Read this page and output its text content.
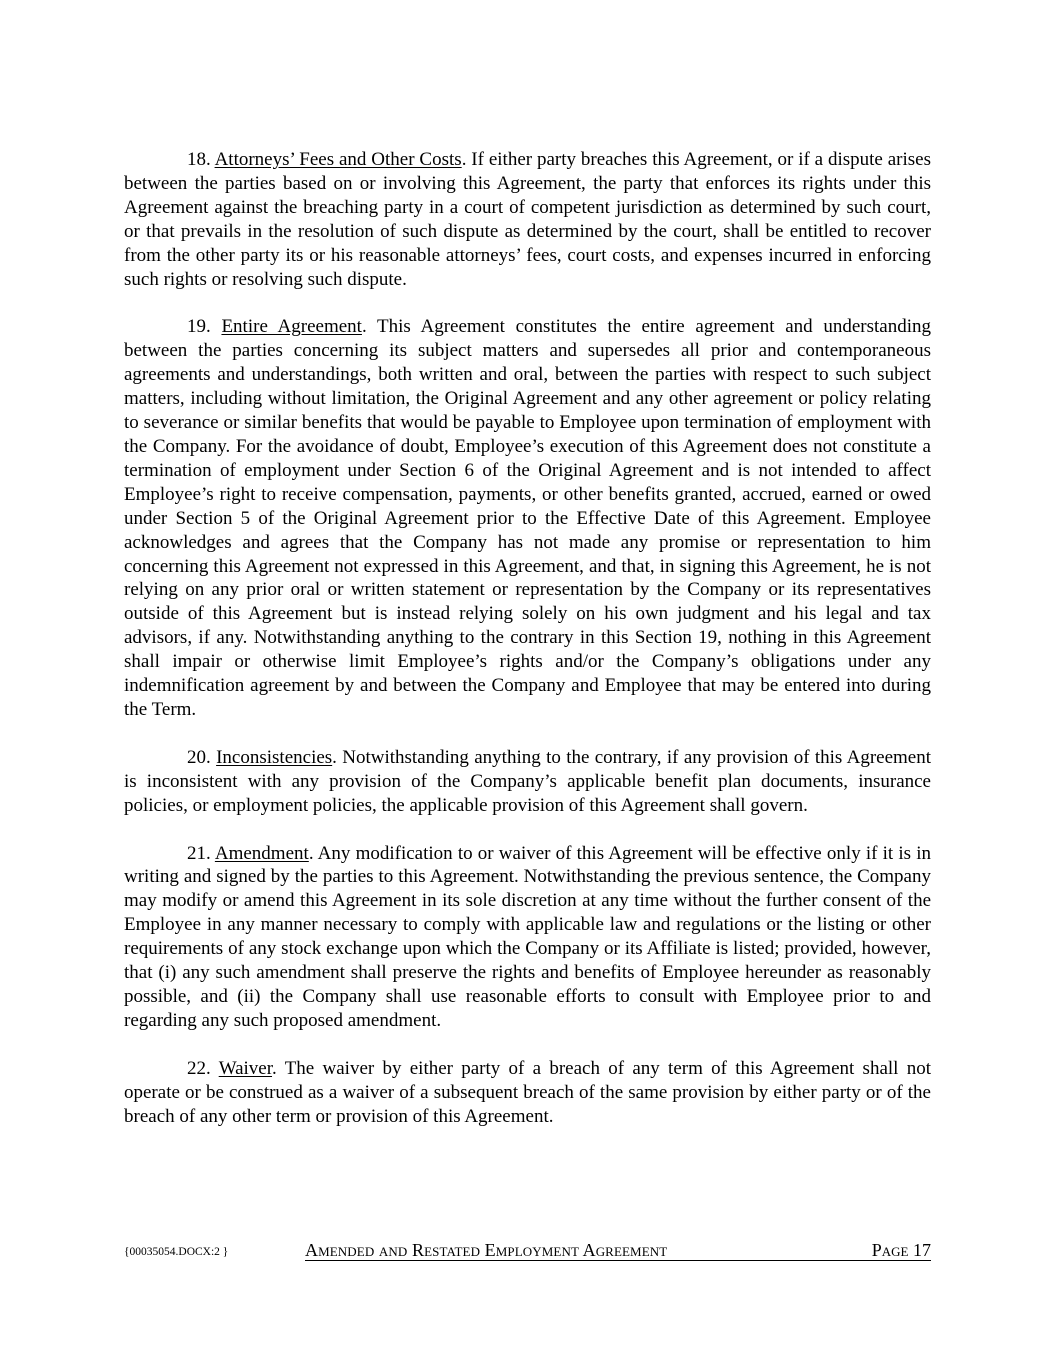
18. Attorneys’ Fees and Other Costs. If either party breaches this Agreement, or if a dispute arises between the parties based on or involving this Agreement, the party that enforces its rights under this Agreement against the breaching party in a court of competent jurisdiction as determined by such court, or that prevails in the resolution of such dispute as determined by the court, shall be entitled to recover from the other party its or his reasonable attorneys’ fees, court costs, and expenses incurred in enforcing such rights or resolving such dispute.

19. Entire Agreement. This Agreement constitutes the entire agreement and understanding between the parties concerning its subject matters and supersedes all prior and contemporaneous agreements and understandings, both written and oral, between the parties with respect to such subject matters, including without limitation, the Original Agreement and any other agreement or policy relating to severance or similar benefits that would be payable to Employee upon termination of employment with the Company. For the avoidance of doubt, Employee’s execution of this Agreement does not constitute a termination of employment under Section 6 of the Original Agreement and is not intended to affect Employee’s right to receive compensation, payments, or other benefits granted, accrued, earned or owed under Section 5 of the Original Agreement prior to the Effective Date of this Agreement. Employee acknowledges and agrees that the Company has not made any promise or representation to him concerning this Agreement not expressed in this Agreement, and that, in signing this Agreement, he is not relying on any prior oral or written statement or representation by the Company or its representatives outside of this Agreement but is instead relying solely on his own judgment and his legal and tax advisors, if any. Notwithstanding anything to the contrary in this Section 19, nothing in this Agreement shall impair or otherwise limit Employee’s rights and/or the Company’s obligations under any indemnification agreement by and between the Company and Employee that may be entered into during the Term.

20. Inconsistencies. Notwithstanding anything to the contrary, if any provision of this Agreement is inconsistent with any provision of the Company’s applicable benefit plan documents, insurance policies, or employment policies, the applicable provision of this Agreement shall govern.

21. Amendment. Any modification to or waiver of this Agreement will be effective only if it is in writing and signed by the parties to this Agreement. Notwithstanding the previous sentence, the Company may modify or amend this Agreement in its sole discretion at any time without the further consent of the Employee in any manner necessary to comply with applicable law and regulations or the listing or other requirements of any stock exchange upon which the Company or its Affiliate is listed; provided, however, that (i) any such amendment shall preserve the rights and benefits of Employee hereunder as reasonably possible, and (ii) the Company shall use reasonable efforts to consult with Employee prior to and regarding any such proposed amendment.

22. Waiver. The waiver by either party of a breach of any term of this Agreement shall not operate or be construed as a waiver of a subsequent breach of the same provision by either party or of the breach of any other term or provision of this Agreement.

{00035054.DOCX:2 }	Amended and Restated Employment Agreement	Page 17
